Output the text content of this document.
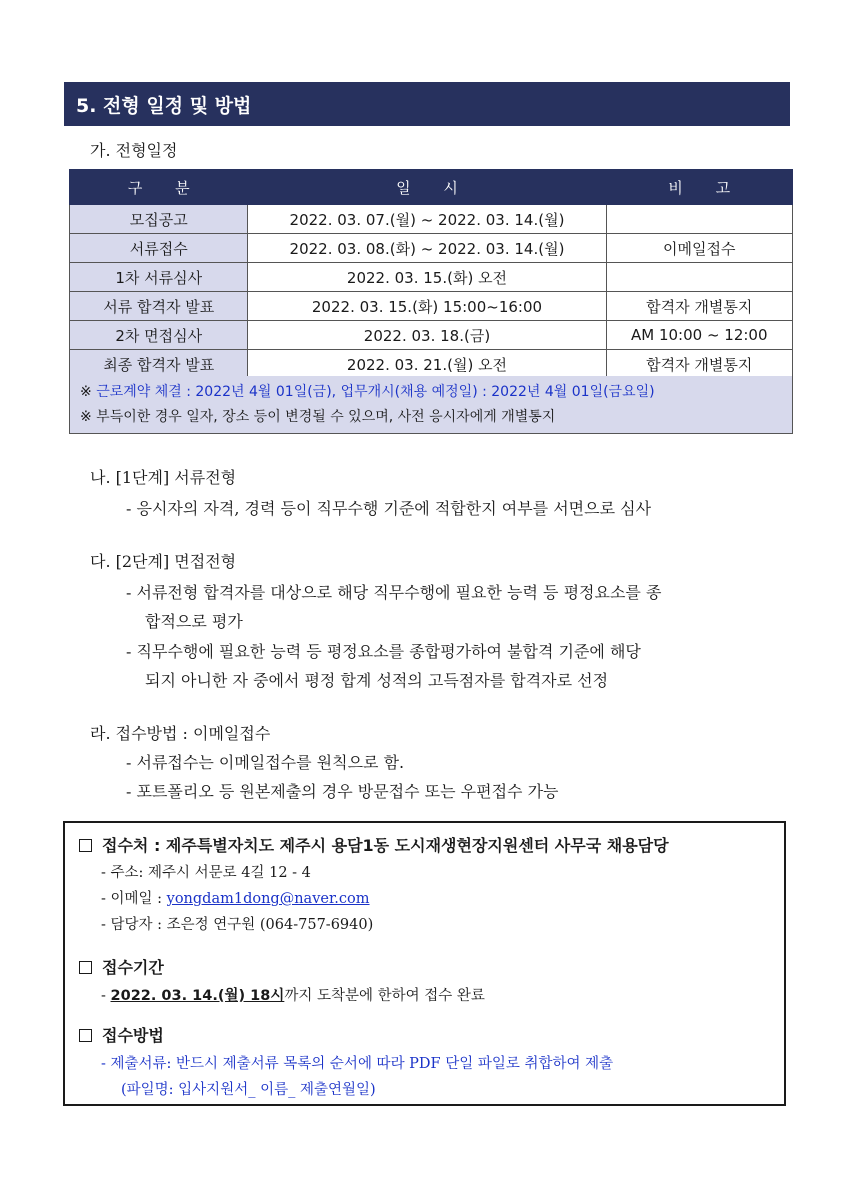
5. 전형 일정 및 방법
가. 전형일정
구 분	일 시	비 고
모집공고	2022. 03. 07.(월) ~ 2022. 03. 14.(월)	
서류접수	2022. 03. 08.(화) ~ 2022. 03. 14.(월)	이메일접수
1차 서류심사	2022. 03. 15.(화) 오전	
서류 합격자 발표	2022. 03. 15.(화) 15:00~16:00	합격자 개별통지
2차 면접심사	2022. 03. 18.(금)	AM 10:00 ~ 12:00
최종 합격자 발표	2022. 03. 21.(월) 오전	합격자 개별통지
※ 근로계약 체결 : 2022년 4월 01일(금), 업무개시(채용 예정일) : 2022년 4월 01일(금요일)
※ 부득이한 경우 일자, 장소 등이 변경될 수 있으며, 사전 응시자에게 개별통지
나. [1단계] 서류전형
- 응시자의 자격, 경력 등이 직무수행 기준에 적합한지 여부를 서면으로 심사
다. [2단계] 면접전형
- 서류전형 합격자를 대상으로 해당 직무수행에 필요한 능력 등 평정요소를 종
합적으로 평가
- 직무수행에 필요한 능력 등 평정요소를 종합평가하여 불합격 기준에 해당
되지 아니한 자 중에서 평정 합계 성적의 고득점자를 합격자로 선정
라. 접수방법 : 이메일접수
- 서류접수는 이메일접수를 원칙으로 함.
- 포트폴리오 등 원본제출의 경우 방문접수 또는 우편접수 가능
접수처 : 제주특별자치도 제주시 용담1동 도시재생현장지원센터 사무국 채용담당
- 주소: 제주시 서문로 4길 12 - 4
- 이메일 : yongdam1dong@naver.com
- 담당자 : 조은정 연구원 (064-757-6940)
접수기간
- 2022. 03. 14.(월) 18시까지 도착분에 한하여 접수 완료
접수방법
- 제출서류: 반드시 제출서류 목록의 순서에 따라 PDF 단일 파일로 취합하여 제출
(파일명: 입사지원서_ 이름_ 제출연월일)
